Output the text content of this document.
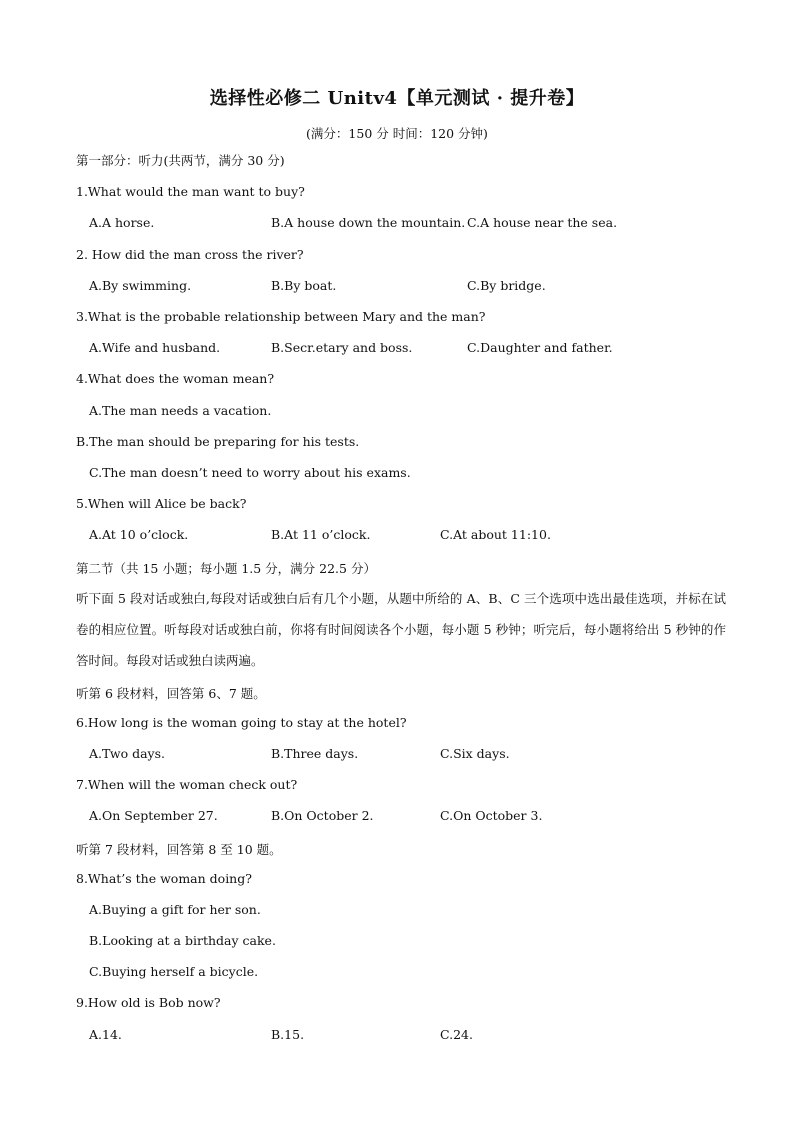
选择性必修二 Unitv4【单元测试 · 提升卷】
(满分：150 分 时间：120 分钟)
第一部分：听力(共两节，满分 30 分)
1.What would the man want to buy?
A.A horse.	B.A house down the mountain. C.A house near the sea.
2. How did the man cross the river?
A.By swimming.	B.By boat.	C.By bridge.
3.What is the probable relationship between Mary and the man?
A.Wife and husband.	B.Secr.etary and boss.	C.Daughter and father.
4.What does the woman mean?
A.The man needs a vacation.
B.The man should be preparing for his tests.
C.The man doesn’t need to worry about his exams.
5.When will Alice be back?
A.At 10 o’clock.	B.At 11 o’clock.	C.At about 11:10.
第二节（共 15 小题；每小题 1.5 分，满分 22.5 分）
听下面 5 段对话或独白,每段对话或独白后有几个小题，从题中所给的 A、B、C 三个选项中选出最佳选项，并标在试卷的相应位置。听每段对话或独白前，你将有时间阅读各个小题，每小题 5 秒钟；听完后，每小题将给出 5 秒钟的作答时间。每段对话或独白读两遍。
听第 6 段材料，回答第 6、7 题。
6.How long is the woman going to stay at the hotel?
A.Two days.	B.Three days.	C.Six days.
7.When will the woman check out?
A.On September 27.	B.On October 2.	C.On October 3.
听第 7 段材料，回答第 8 至 10 题。
8.What’s the woman doing?
A.Buying a gift for her son.
B.Looking at a birthday cake.
C.Buying herself a bicycle.
9.How old is Bob now?
A.14.	B.15.	C.24.
